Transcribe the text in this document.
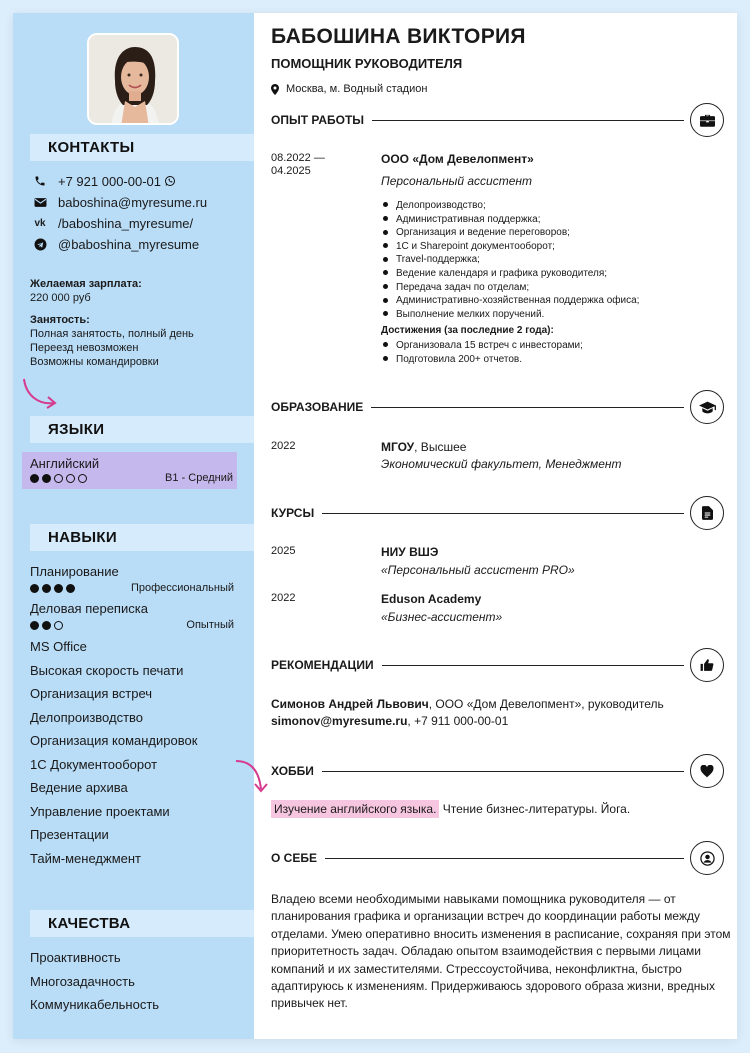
КОНТАКТЫ
+7 921 000-00-01
baboshina@myresume.ru
vk /baboshina_myresume/
@baboshina_myresume
Желаемая зарплата:
220 000 руб
Занятость:
Полная занятость, полный день
Переезд невозможен
Возможны командировки
ЯЗЫКИ
Английский
B1 - Средний
НАВЫКИ
Планирование
Профессиональный
Деловая переписка
Опытный
MS Office
Высокая скорость печати
Организация встреч
Делопроизводство
Организация командировок
1С Документооборот
Ведение архива
Управление проектами
Презентации
Тайм-менеджмент
КАЧЕСТВА
Проактивность
Многозадачность
Коммуникабельность
БАБОШИНА ВИКТОРИЯ
ПОМОЩНИК РУКОВОДИТЕЛЯ
Москва, м. Водный стадион
ОПЫТ РАБОТЫ
08.2022 —
04.2025
ООО «Дом Девелопмент»
Персональный ассистент
Делопроизводство;
Административная поддержка;
Организация и ведение переговоров;
1С и Sharepoint документооборот;
Travel-поддержка;
Ведение календаря и графика руководителя;
Передача задач по отделам;
Административно-хозяйственная поддержка офиса;
Выполнение мелких поручений.
Достижения (за последние 2 года):
Организовала 15 встреч с инвесторами;
Подготовила 200+ отчетов.
ОБРАЗОВАНИЕ
2022	МГОУ, Высшее
Экономический факультет, Менеджмент
КУРСЫ
2025	НИУ ВШЭ
«Персональный ассистент PRO»
2022	Eduson Academy
«Бизнес-ассистент»
РЕКОМЕНДАЦИИ
Симонов Андрей Львович, ООО «Дом Девелопмент», руководитель
simonov@myresume.ru, +7 911 000-00-01
ХОББИ
Изучение английского языка. Чтение бизнес-литературы. Йога.
О СЕБЕ
Владею всеми необходимыми навыками помощника руководителя — от планирования графика и организации встреч до координации работы между отделами. Умею оперативно вносить изменения в расписание, сохраняя при этом приоритетность задач. Обладаю опытом взаимодействия с первыми лицами компаний и их заместителями. Стрессоустойчива, неконфликтна, быстро адаптируюсь к изменениям. Придерживаюсь здорового образа жизни, вредных привычек нет.
